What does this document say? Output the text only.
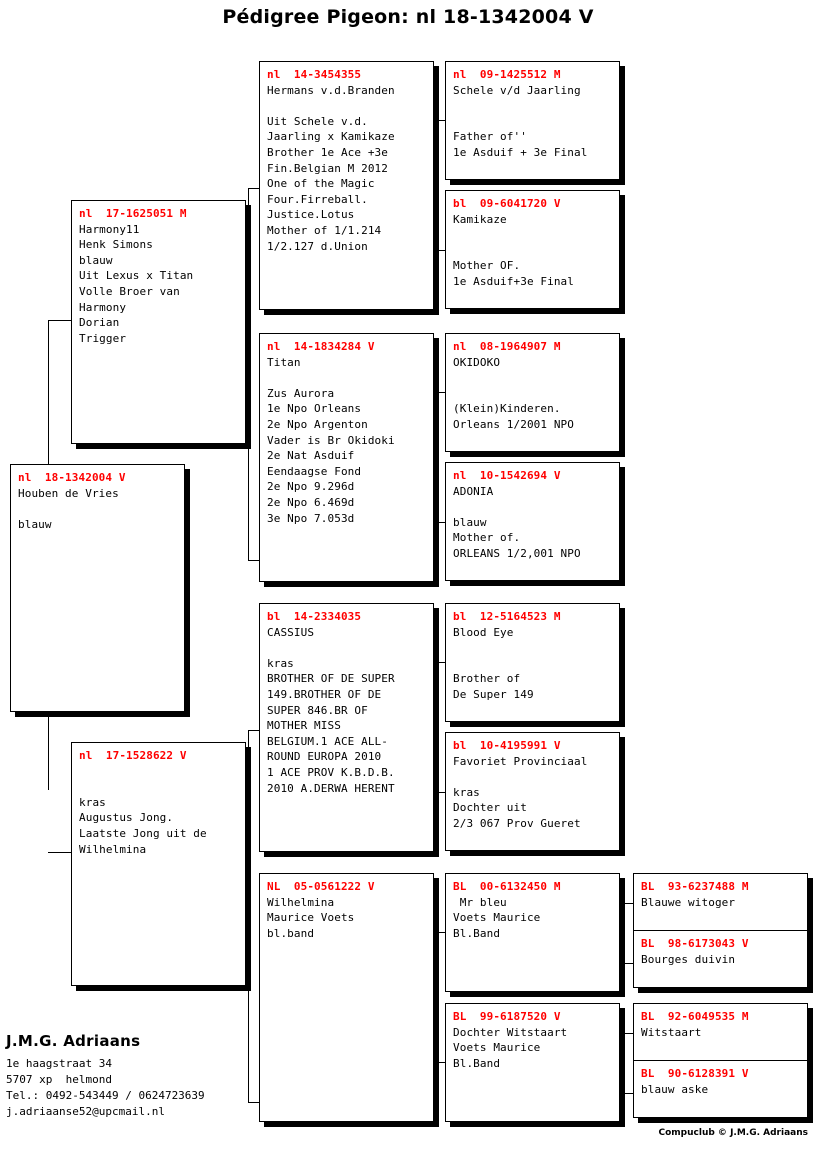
Pédigree Pigeon: nl 18-1342004 V
nl  18-1342004 V
Houben de Vries
blauw
nl  17-1625051 M
Harmony11
Henk Simons
blauw
Uit Lexus x Titan
Volle Broer van
Harmony
Dorian
Trigger
nl  17-1528622 V
kras
Augustus Jong.
Laatste Jong uit de
Wilhelmina
nl  14-3454355
Hermans v.d.Branden
Uit Schele v.d.
Jaarling x Kamikaze
Brother 1e Ace +3e
Fin.Belgian M 2012
One of the Magic
Four.Firreball.
Justice.Lotus
Mother of 1/1.214
1/2.127 d.Union
nl  14-1834284 V
Titan
Zus Aurora
1e Npo Orleans
2e Npo Argenton
Vader is Br Okidoki
2e Nat Asduif
Eendaagse Fond
2e Npo 9.296d
2e Npo 6.469d
3e Npo 7.053d
bl  14-2334035
CASSIUS
kras
BROTHER OF DE SUPER
149.BROTHER OF DE
SUPER 846.BR OF
MOTHER MISS
BELGIUM.1 ACE ALL-
ROUND EUROPA 2010
1 ACE PROV K.B.D.B.
2010 A.DERWA HERENT
NL  05-0561222 V
Wilhelmina
Maurice Voets
bl.band
nl  09-1425512 M
Schele v/d Jaarling
Father of''
1e Asduif + 3e Final
bl  09-6041720 V
Kamikaze
Mother OF.
1e Asduif+3e Final
nl  08-1964907 M
OKIDOKO
(Klein)Kinderen.
Orleans 1/2001 NPO
nl  10-1542694 V
ADONIA
blauw
Mother of.
ORLEANS 1/2,001 NPO
bl  12-5164523 M
Blood Eye
Brother of
De Super 149
bl  10-4195991 V
Favoriet Provinciaal
kras
Dochter uit
2/3 067 Prov Gueret
BL  00-6132450 M
Mr bleu
Voets Maurice
Bl.Band
BL  99-6187520 V
Dochter Witstaart
Voets Maurice
Bl.Band
BL  93-6237488 M
Blauwe witoger
BL  98-6173043 V
Bourges duivin
BL  92-6049535 M
Witstaart
BL  90-6128391 V
blauw aske
J.M.G. Adriaans
1e haagstraat 34
5707 xp  helmond
Tel.: 0492-543449 / 0624723639
j.adriaanse52@upcmail.nl
Compuclub © J.M.G. Adriaans
